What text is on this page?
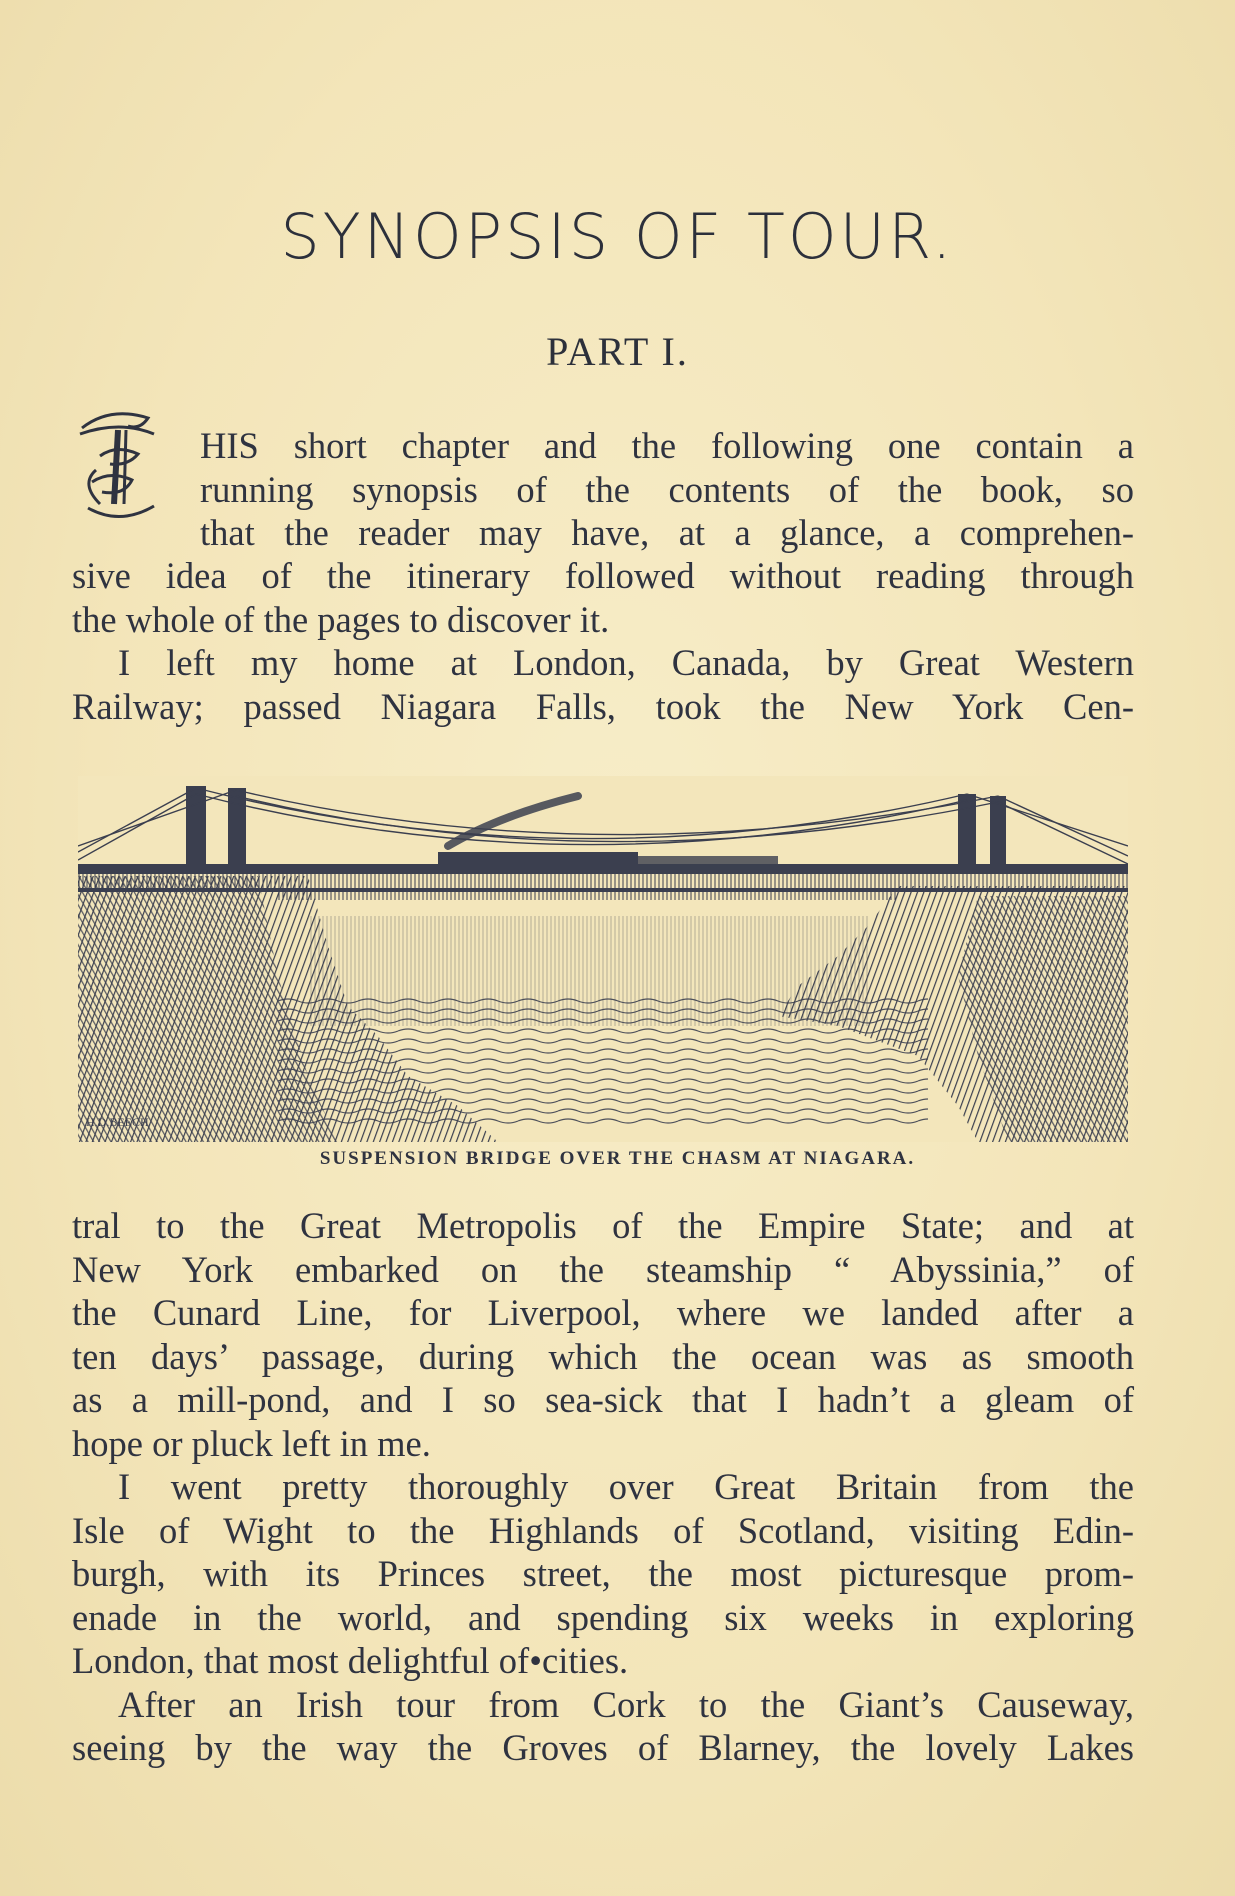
SYNOPSIS OF TOUR.
PART I.
HIS short chapter and the following one contain a
running synopsis of the contents of the book, so
that the reader may have, at a glance, a comprehen-
sive idea of the itinerary followed without reading through
the whole of the pages to discover it.
I left my home at London, Canada, by Great Western
Railway; passed Niagara Falls, took the New York Cen-
H.D.BEECH
SUSPENSION BRIDGE OVER THE CHASM AT NIAGARA.
tral to the Great Metropolis of the Empire State; and at
New York embarked on the steamship “ Abyssinia,” of
the Cunard Line, for Liverpool, where we landed after a
ten days’ passage, during which the ocean was as smooth
as a mill-pond, and I so sea-sick that I hadn’t a gleam of
hope or pluck left in me.
I went pretty thoroughly over Great Britain from the
Isle of Wight to the Highlands of Scotland, visiting Edin-
burgh, with its Princes street, the most picturesque prom-
enade in the world, and spending six weeks in exploring
London, that most delightful of•cities.
After an Irish tour from Cork to the Giant’s Causeway,
seeing by the way the Groves of Blarney, the lovely Lakes
